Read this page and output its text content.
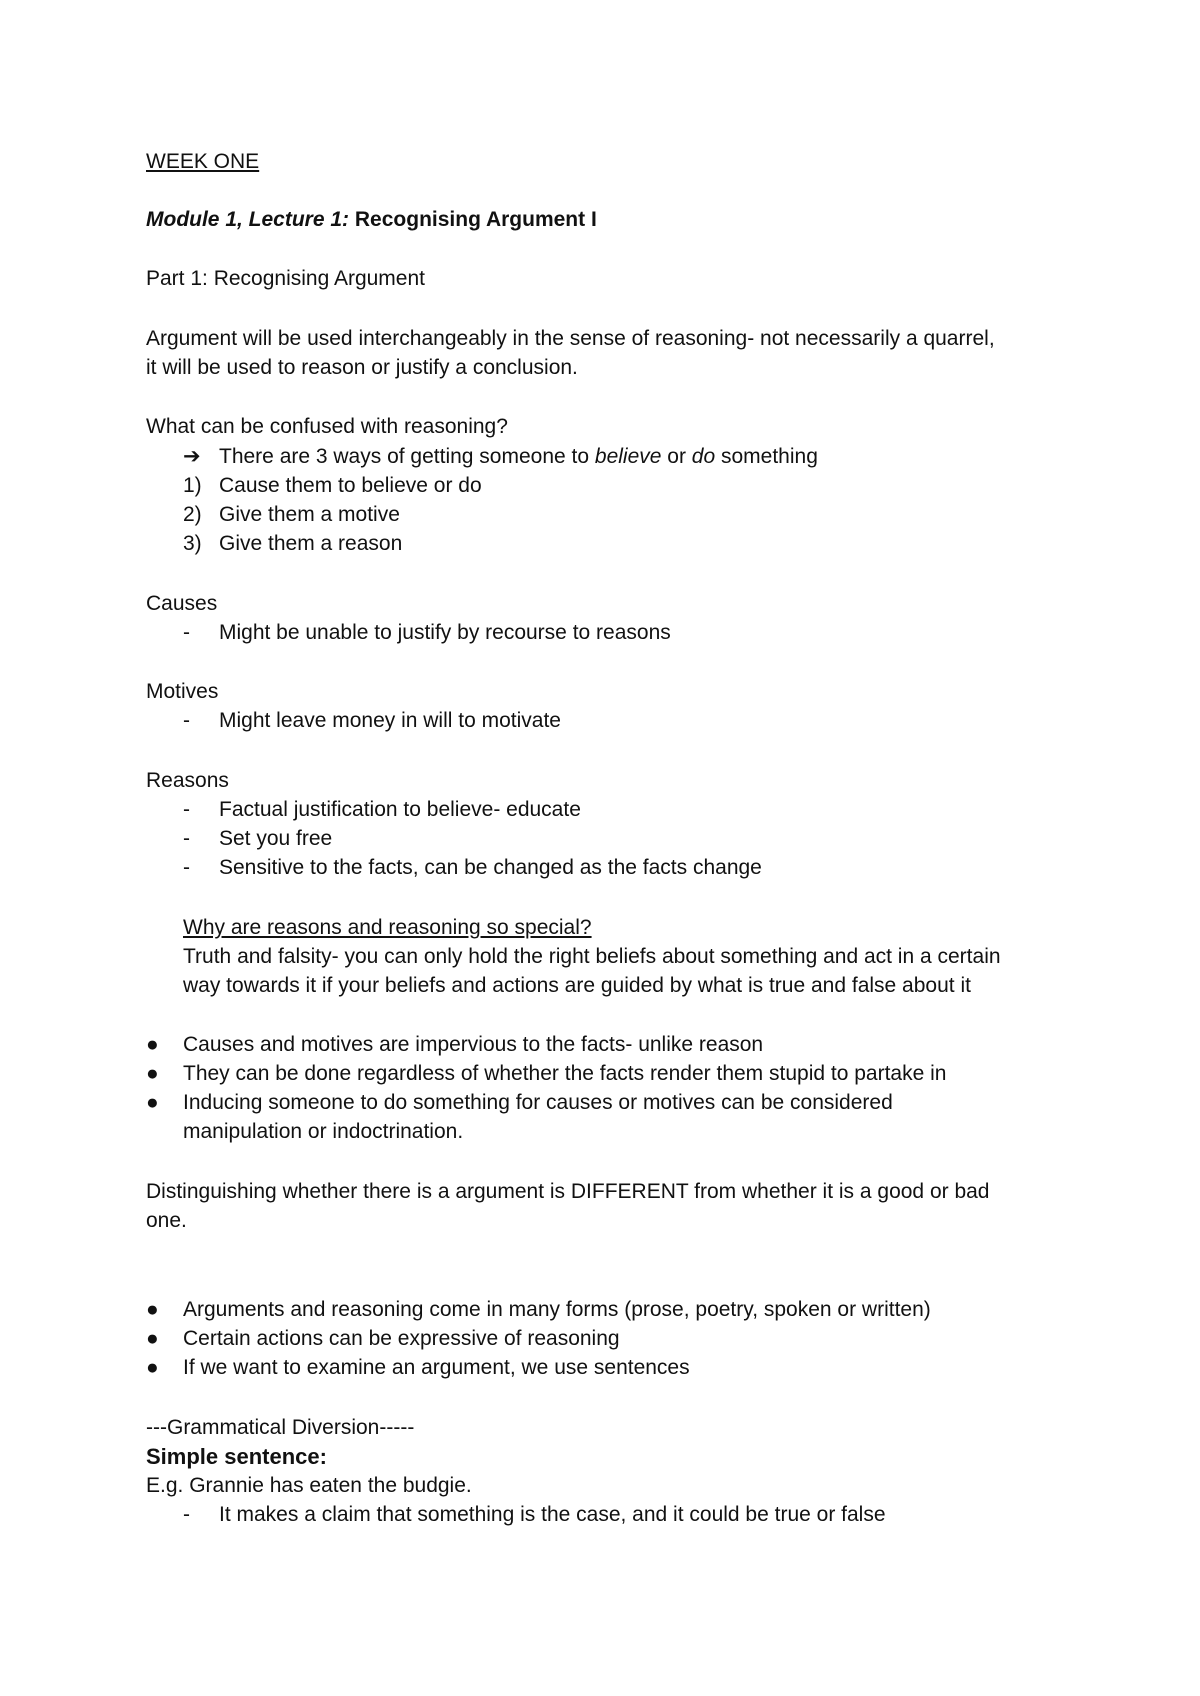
WEEK ONE
Module 1, Lecture 1: Recognising Argument I
Part 1: Recognising Argument
Argument will be used interchangeably in the sense of reasoning- not necessarily a quarrel,
it will be used to reason or justify a conclusion.
What can be confused with reasoning?
➔ There are 3 ways of getting someone to believe or do something
1) Cause them to believe or do
2) Give them a motive
3) Give them a reason
Causes
- Might be unable to justify by recourse to reasons
Motives
- Might leave money in will to motivate
Reasons
- Factual justification to believe- educate
- Set you free
- Sensitive to the facts, can be changed as the facts change
Why are reasons and reasoning so special?
Truth and falsity- you can only hold the right beliefs about something and act in a certain
way towards it if your beliefs and actions are guided by what is true and false about it
● Causes and motives are impervious to the facts- unlike reason
● They can be done regardless of whether the facts render them stupid to partake in
● Inducing someone to do something for causes or motives can be considered
manipulation or indoctrination.
Distinguishing whether there is a argument is DIFFERENT from whether it is a good or bad
one.
● Arguments and reasoning come in many forms (prose, poetry, spoken or written)
● Certain actions can be expressive of reasoning
● If we want to examine an argument, we use sentences
---Grammatical Diversion-----
Simple sentence:
E.g. Grannie has eaten the budgie.
- It makes a claim that something is the case, and it could be true or false
